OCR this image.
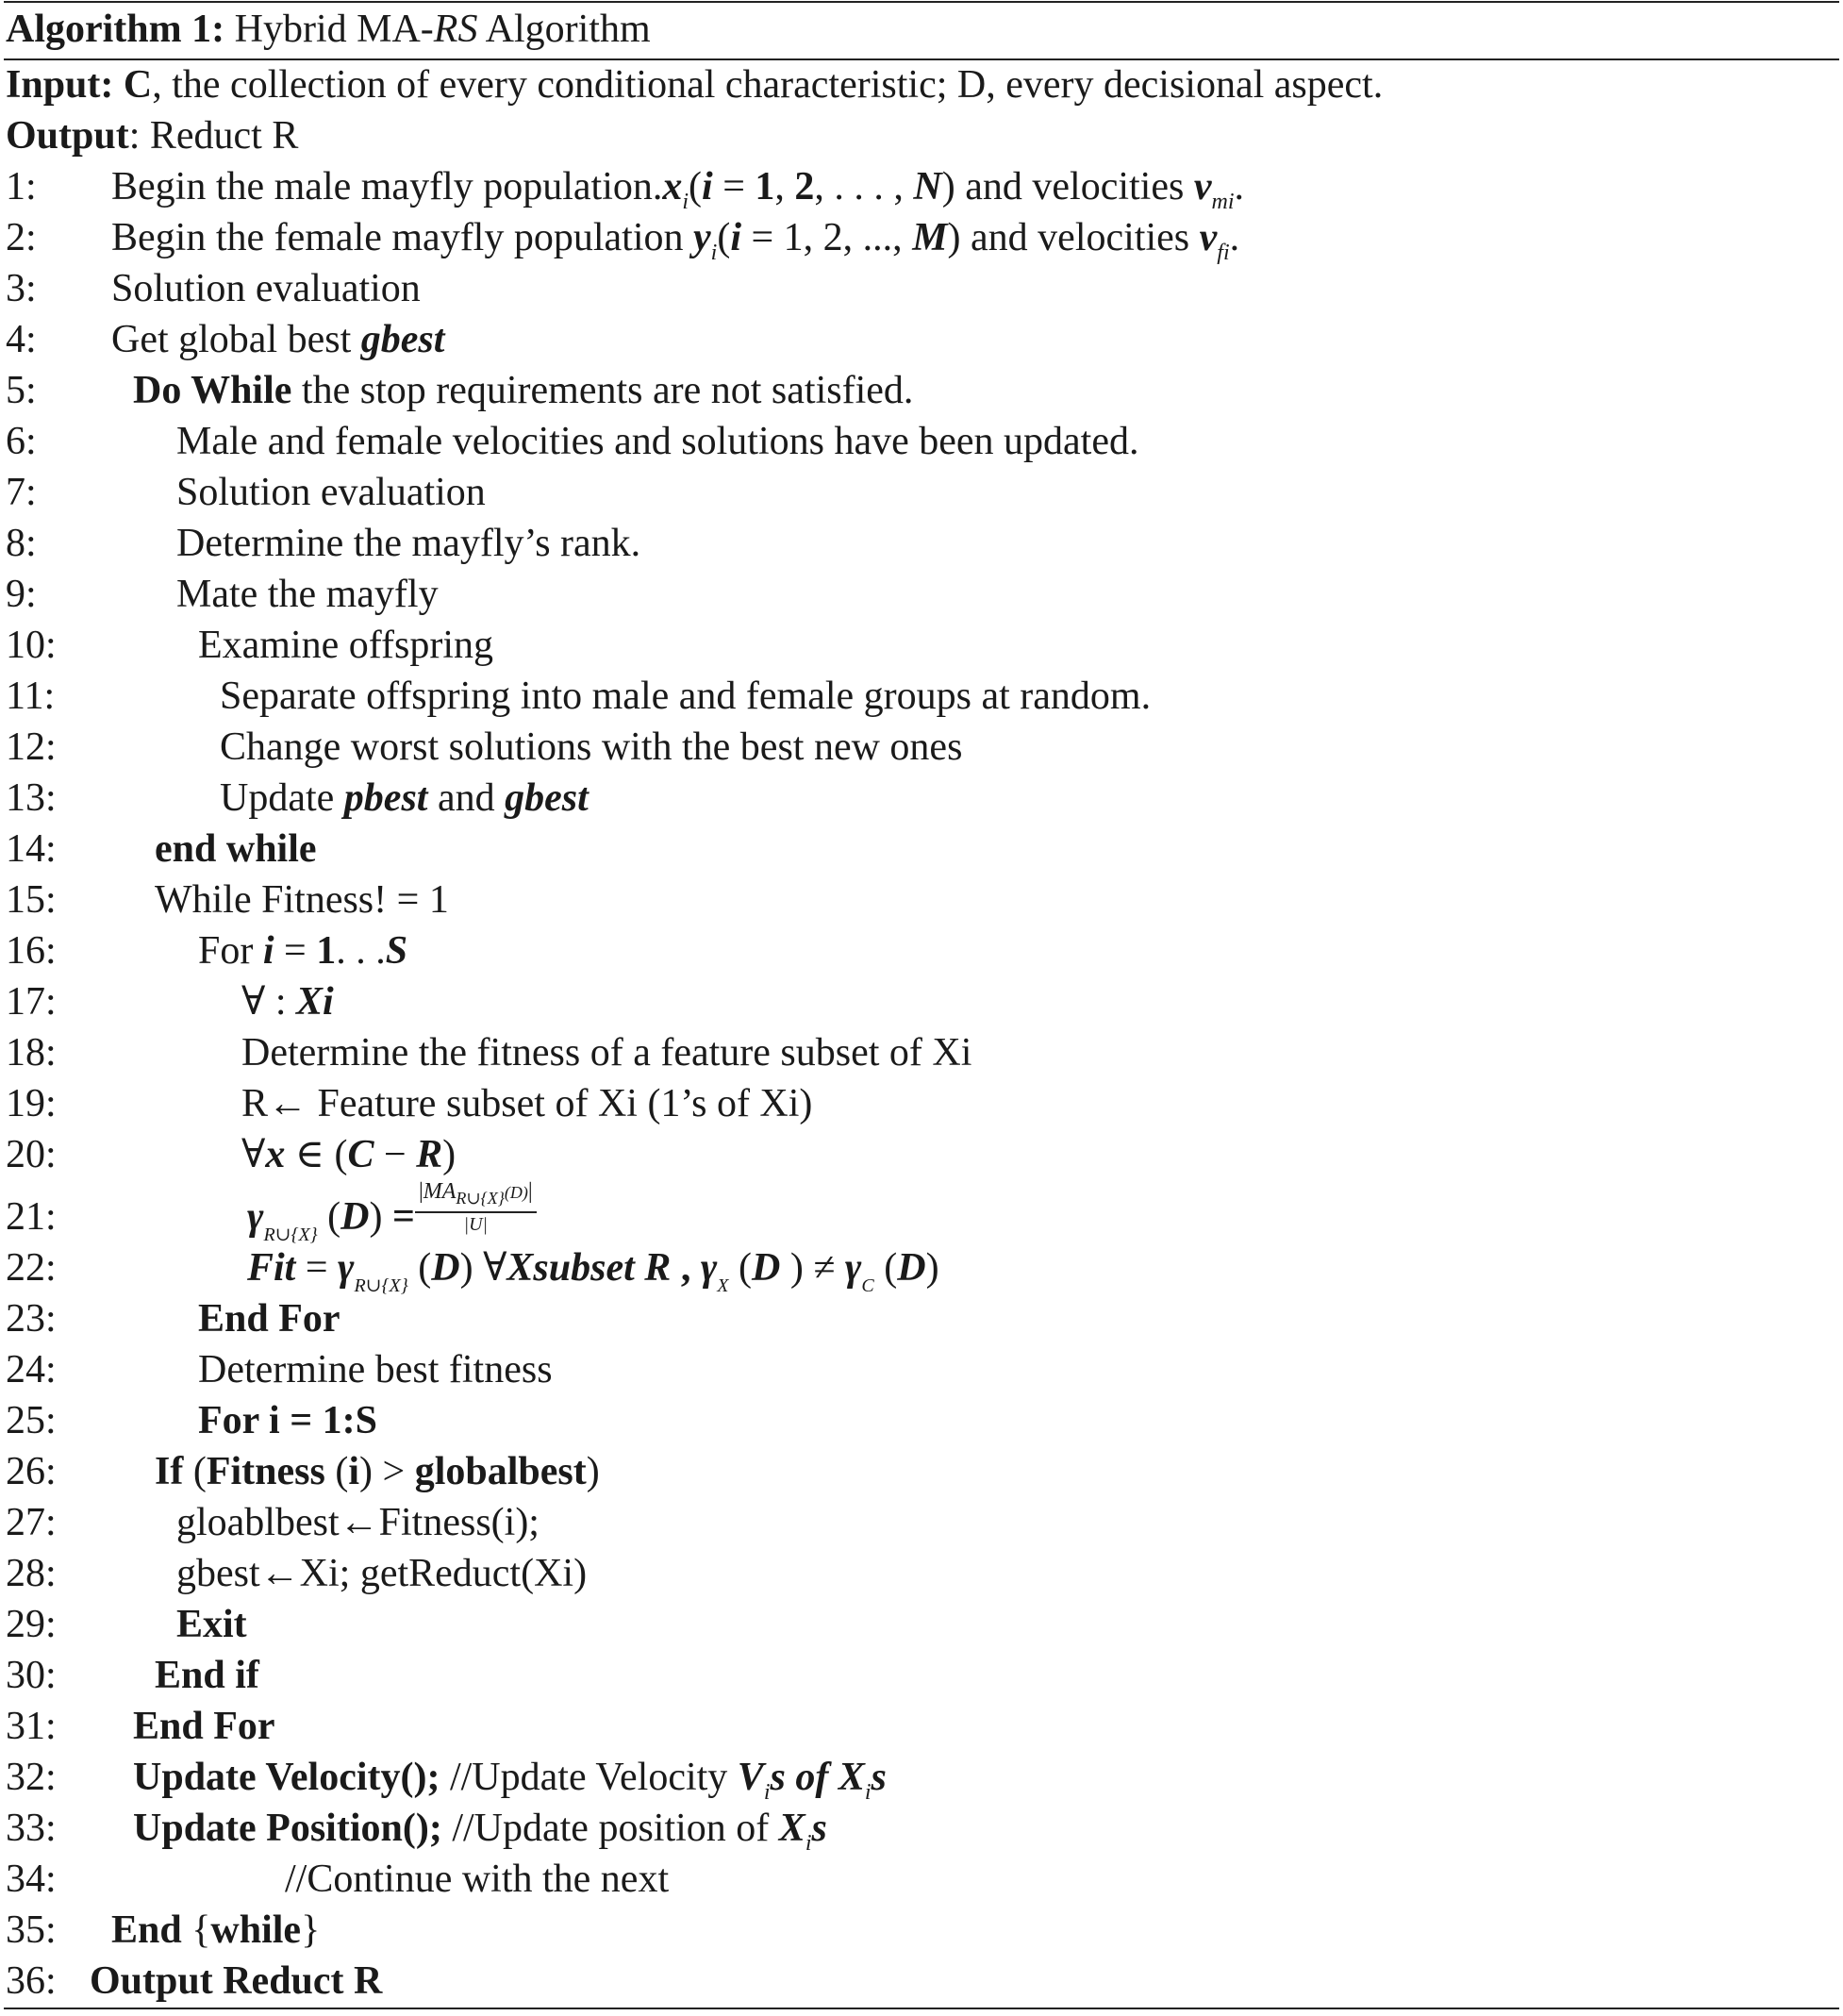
Algorithm 1: Hybrid MA-RS Algorithm
Input: C, the collection of every conditional characteristic; D, every decisional aspect.
Output: Reduct R
1: Begin the male mayfly $population.x_i(i = 1$, 2, . . . , N) and velocities $v_{mi}$.
2: Begin the female mayfly population $y_i(i = 1$, 2, ..., M) and velocities $v_{fi}$.
3: Solution evaluation
4: Get global best gbest
5: Do While the stop requirements are not satisfied.
6:	Male and female velocities and solutions have been updated.
7:	Solution evaluation
8:	Determine the mayfly’s rank.
9:	Mate the mayfly
10:	Examine offspring
11:	Separate offspring into male and female groups at random.
12:	Change worst solutions with the best new ones
13:	Update pbest and gbest
14: end while
15: While Fitness! = 1
16:	For i = 1. . .S
17:	∀ : Xi
18:	Determine the fitness of a feature subset of Xi
19:	R← Feature subset of Xi (1’s of Xi)
20:	∀x ∈ (C − R)
21:	$\gamma_{R\cup\{X\}}$ $(D) = \frac{|MA_{R\cup\{X\}}(D)|}{|U|}$
22:	Fit = $\gamma_{R\cup\{X\}}$ (D) ∀Xsubset R , $\gamma_X$ (D ) ≠ $\gamma_C$ (D)
23:	End For
24:	Determine best fitness
25:	For i = 1:S
26: If (Fitness (i) > globalbest)
27:	gloablbest←Fitness(i);
28:	gbest←Xi; getReduct(Xi)
29:	Exit
30: End if
31: End For
32: Update Velocity(); //Update Velocity $V_is$ of $X_is$
33: Update Position(); //Update position of $X_is$
34:	//Continue with the next
35: End {while}
36: Output Reduct R
